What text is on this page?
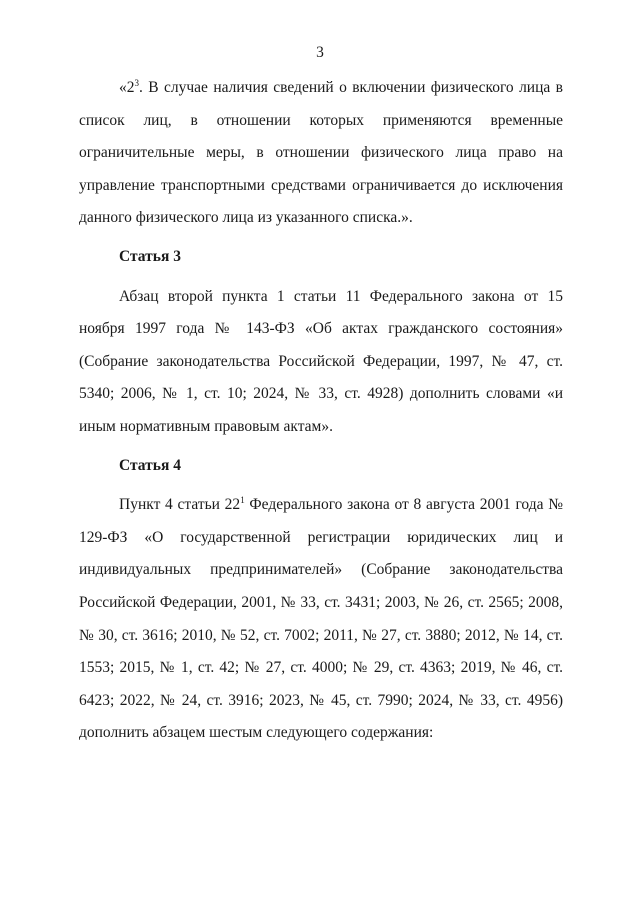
3

«$2^3$. В случае наличия сведений о включении физического лица в список лиц, в отношении которых применяются временные ограничительные меры, в отношении физического лица право на управление транспортными средствами ограничивается до исключения данного физического лица из указанного списка.».

Статья 3

Абзац второй пункта 1 статьи 11 Федерального закона от 15 ноября 1997 года № 143-ФЗ «Об актах гражданского состояния» (Собрание законодательства Российской Федерации, 1997, № 47, ст. 5340; 2006, № 1, ст. 10; 2024, № 33, ст. 4928) дополнить словами «и иным нормативным правовым актам».

Статья 4

Пункт 4 статьи $22^1$ Федерального закона от 8 августа 2001 года № 129-ФЗ «О государственной регистрации юридических лиц и индивидуальных предпринимателей» (Собрание законодательства Российской Федерации, 2001, № 33, ст. 3431; 2003, № 26, ст. 2565; 2008, № 30, ст. 3616; 2010, № 52, ст. 7002; 2011, № 27, ст. 3880; 2012, № 14, ст. 1553; 2015, № 1, ст. 42; № 27, ст. 4000; № 29, ст. 4363; 2019, № 46, ст. 6423; 2022, № 24, ст. 3916; 2023, № 45, ст. 7990; 2024, № 33, ст. 4956) дополнить абзацем шестым следующего содержания:
